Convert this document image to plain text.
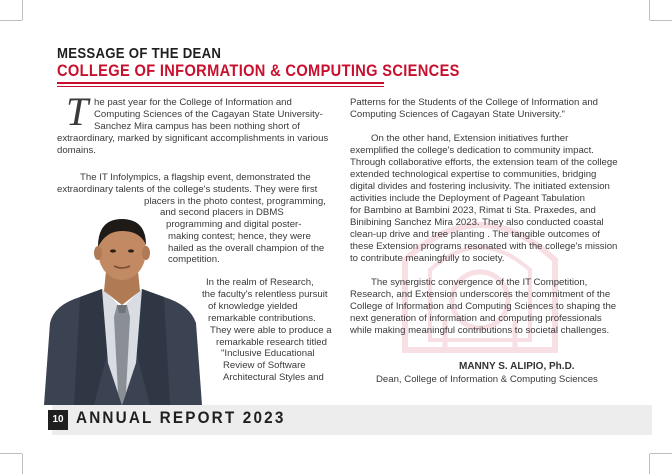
MESSAGE OF THE DEAN
COLLEGE OF INFORMATION & COMPUTING SCIENCES
T he past year for the College of Information and
Computing Sciences of the Cagayan State University-
Sanchez Mira campus has been nothing short of
extraordinary, marked by significant accomplishments in various
domains.
The IT Infolympics, a flagship event, demonstrated the
extraordinary talents of the college's students. They were first
placers in the photo contest, programming,
and second placers in DBMS
programming and digital poster-
making contest; hence, they were
hailed as the overall champion of the
competition.
In the realm of Research,
the faculty's relentless pursuit
of knowledge yielded
remarkable contributions.
They were able to produce a
remarkable research titled
"Inclusive Educational
Review of Software
Architectural Styles and
Patterns for the Students of the College of Information and
Computing Sciences of Cagayan State University."
On the other hand, Extension initiatives further
exemplified the college's dedication to community impact.
Through collaborative efforts, the extension team of the college
extended technological expertise to communities, bridging
digital divides and fostering inclusivity. The initiated extension
activities include the Deployment of Pageant Tabulation
for Bambino at Bambini 2023, Rimat ti Sta. Praxedes, and
Binibining Sanchez Mira 2023. They also conducted coastal
clean-up drive and tree planting . The tangible outcomes of
these Extension programs resonated with the college's mission
to contribute meaningfully to society.
The synergistic convergence of the IT Competition,
Research, and Extension underscores the commitment of the
College of Information and Computing Sciences to shaping the
next generation of information and computing professionals
while making meaningful contributions to societal challenges.
MANNY S. ALIPIO, Ph.D.
Dean, College of Information & Computing Sciences
10 ANNUAL REPORT 2023
